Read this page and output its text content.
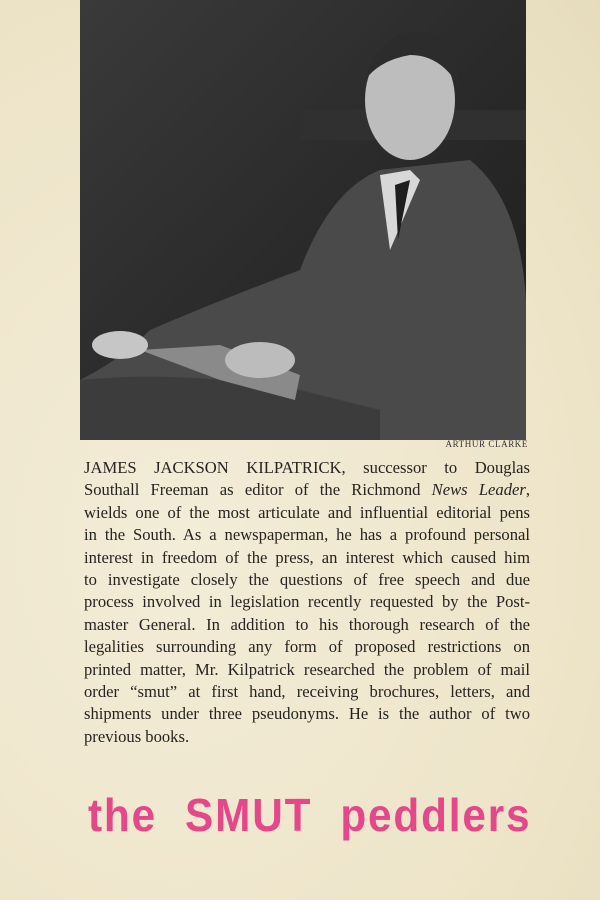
ARTHUR CLARKE
JAMES JACKSON KILPATRICK, successor to Douglas
Southall Freeman as editor of the Richmond News Leader,
wields one of the most articulate and influential editorial pens
in the South. As a newspaperman, he has a profound personal
interest in freedom of the press, an interest which caused him
to investigate closely the questions of free speech and due
process involved in legislation recently requested by the Post-
master General. In addition to his thorough research of the
legalities surrounding any form of proposed restrictions on
printed matter, Mr. Kilpatrick researched the problem of mail
order “smut” at first hand, receiving brochures, letters, and
shipments under three pseudonyms. He is the author of two
previous books.
the SMUT peddlers
